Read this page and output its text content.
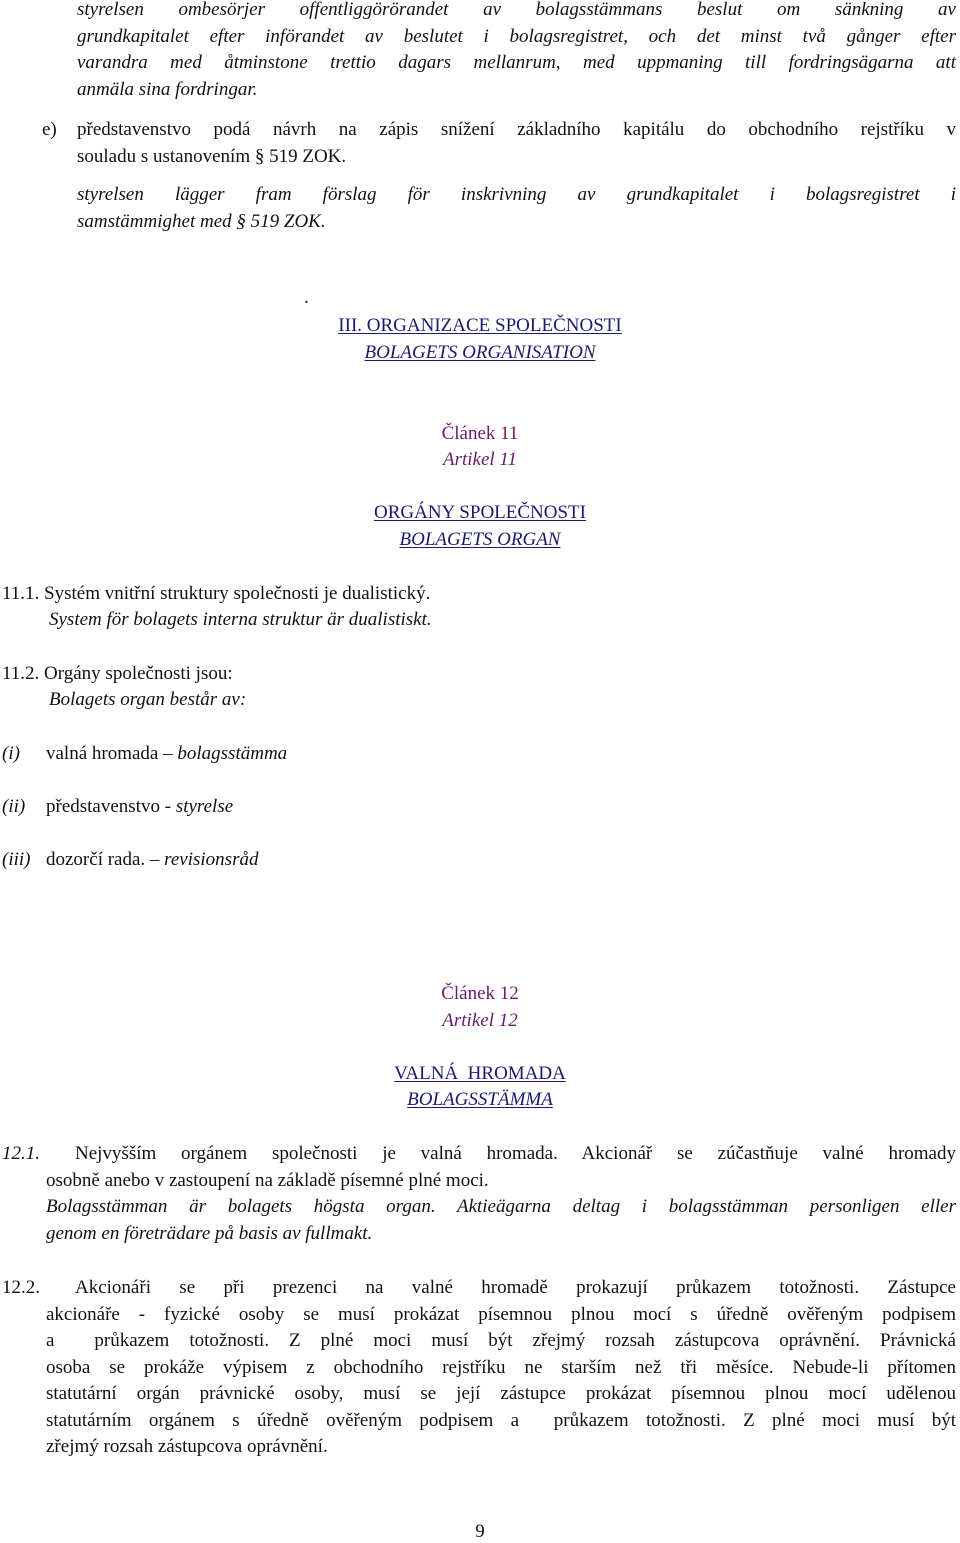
styrelsen ombesörjer offentliggörörandet av bolagsstämmans beslut om sänkning av
grundkapitalet efter införandet av beslutet i bolagsregistret, och det minst två gånger efter
varandra med åtminstone trettio dagars mellanrum, med uppmaning till fordringsägarna att
anmäla sina fordringar.
e) představenstvo podá návrh na zápis snížení základního kapitálu do obchodního rejstříku v
souladu s ustanovením § 519 ZOK.
styrelsen lägger fram förslag för inskrivning av grundkapitalet i bolagsregistret i
samstämmighet med § 519 ZOK.
.
III. ORGANIZACE SPOLEČNOSTI
BOLAGETS ORGANISATION
Článek 11
Artikel 11
ORGÁNY SPOLEČNOSTI
BOLAGETS ORGAN
11.1. Systém vnitřní struktury společnosti je dualistický.
System för bolagets interna struktur är dualistiskt.
11.2. Orgány společnosti jsou:
Bolagets organ består av:
(i) valná hromada – bolagsstämma
(ii) představenstvo - styrelse
(iii) dozorčí rada. – revisionsråd
Článek 12
Artikel 12
VALNÁ  HROMADA
BOLAGSSTÄMMA
12.1. Nejvyšším orgánem společnosti je valná hromada. Akcionář se zúčastňuje valné hromady

osobně anebo v zastoupení na základě písemné plné moci.
Bolagsstämman är bolagets högsta organ. Aktieägarna deltag i bolagsstämman personligen eller
genom en företrädare på basis av fullmakt.
12.2. Akcionáři se při prezenci na valné hromadě prokazují průkazem totožnosti. Zástupce

akcionáře - fyzické osoby se musí prokázat písemnou plnou mocí s úředně ověřeným podpisem
a  průkazem totožnosti. Z plné moci musí být zřejmý rozsah zástupcova oprávnění. Právnická
osoba se prokáže výpisem z obchodního rejstříku ne starším než tři měsíce. Nebude-li přítomen
statutární orgán právnické osoby, musí se její zástupce prokázat písemnou plnou mocí udělenou
statutárním orgánem s úředně ověřeným podpisem a  průkazem totožnosti. Z plné moci musí být
zřejmý rozsah zástupcova oprávnění.
9
